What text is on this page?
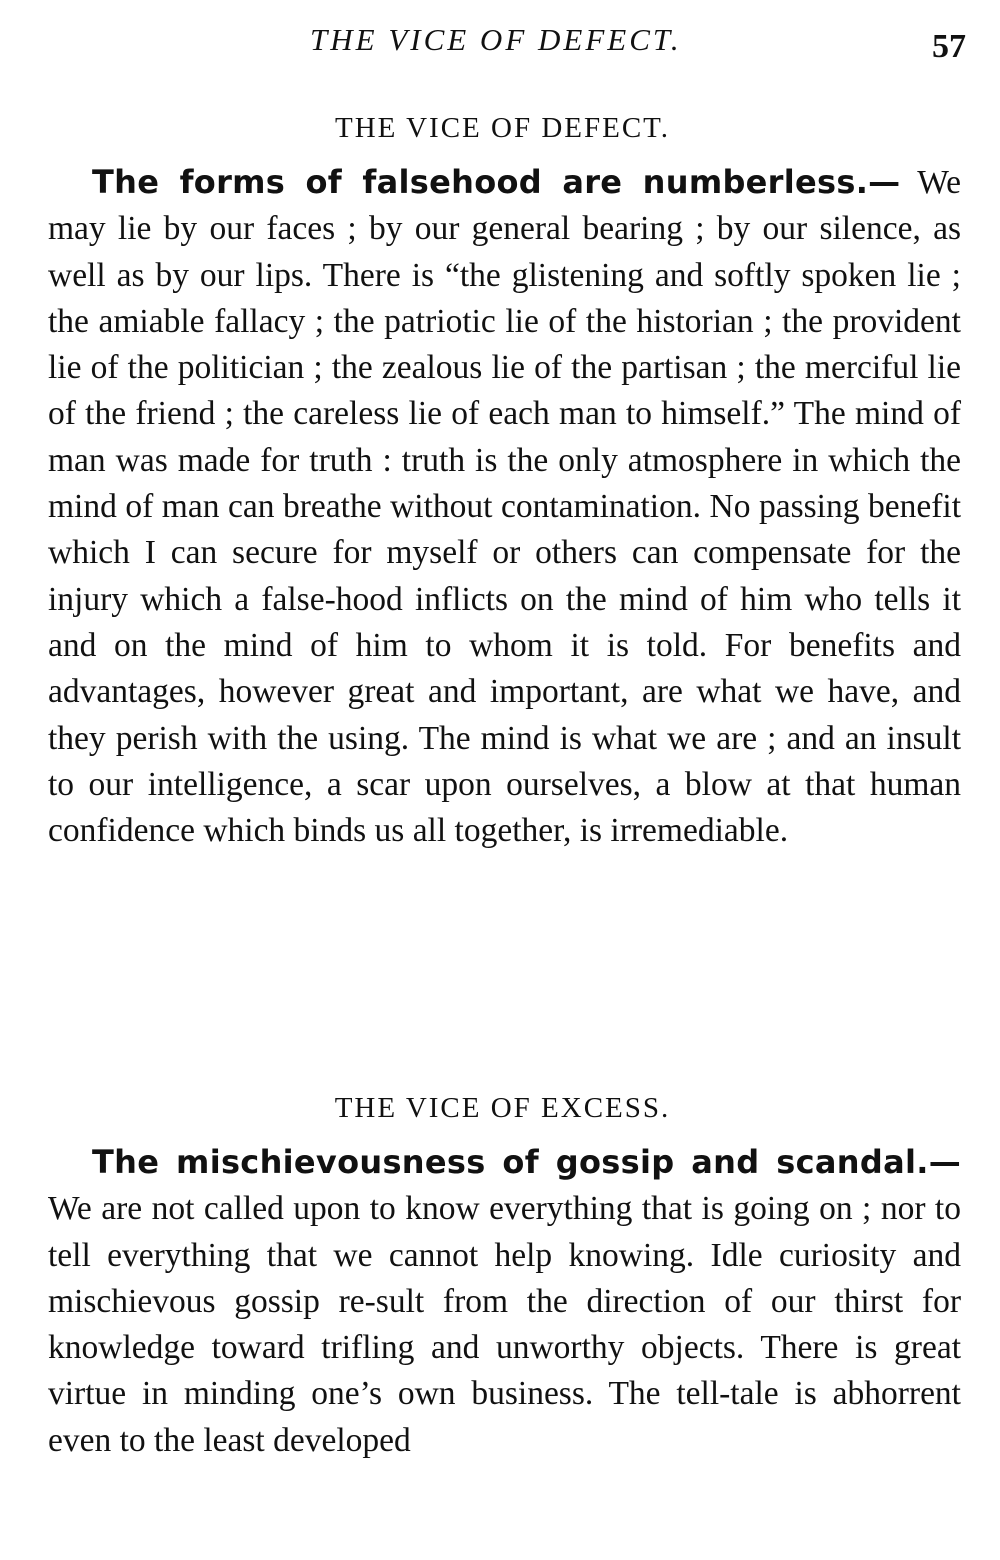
THE VICE OF DEFECT.	57
THE VICE OF DEFECT.

The forms of falsehood are numberless.— We may lie by our faces ; by our general bearing ; by our silence, as well as by our lips. There is “the glistening and softly spoken lie ; the amiable fallacy ; the patriotic lie of the historian ; the provident lie of the politician ; the zealous lie of the partisan ; the merciful lie of the friend ; the careless lie of each man to himself.” The mind of man was made for truth : truth is the only atmosphere in which the mind of man can breathe without contamination. No passing benefit which I can secure for myself or others can compensate for the injury which a false-hood inflicts on the mind of him who tells it and on the mind of him to whom it is told. For benefits and advantages, however great and important, are what we have, and they perish with the using. The mind is what we are ; and an insult to our intelligence, a scar upon ourselves, a blow at that human confidence which binds us all together, is irremediable.

THE VICE OF EXCESS.

The mischievousness of gossip and scandal.— We are not called upon to know everything that is going on ; nor to tell everything that we cannot help knowing. Idle curiosity and mischievous gossip re-sult from the direction of our thirst for knowledge toward trifling and unworthy objects. There is great virtue in minding one’s own business. The tell-tale is abhorrent even to the least developed
